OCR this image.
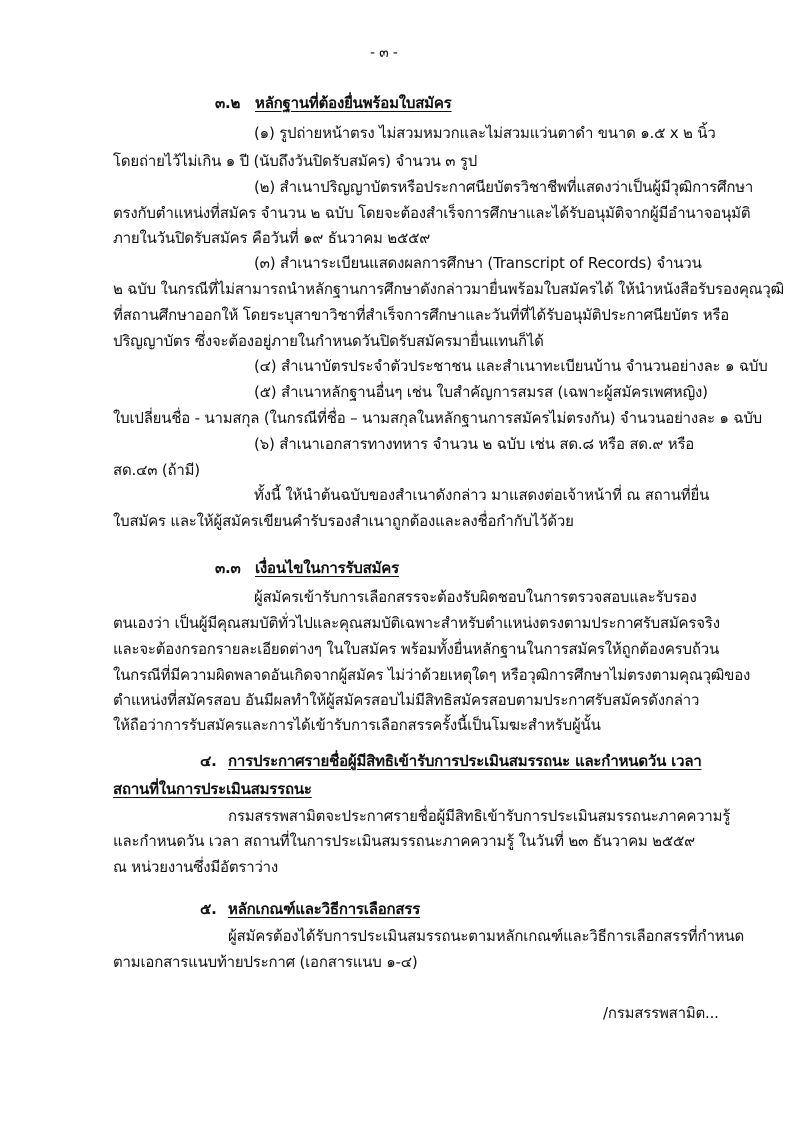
- ๓ -
๓.๒ หลักฐานที่ต้องยื่นพร้อมใบสมัคร
(๑) รูปถ่ายหน้าตรง ไม่สวมหมวกและไม่สวมแว่นตาดำ ขนาด ๑.๕ x ๒ นิ้ว
โดยถ่ายไว้ไม่เกิน ๑ ปี (นับถึงวันปิดรับสมัคร) จำนวน ๓ รูป
(๒) สำเนาปริญญาบัตรหรือประกาศนียบัตรวิชาชีพที่แสดงว่าเป็นผู้มีวุฒิการศึกษา
ตรงกับตำแหน่งที่สมัคร จำนวน ๒ ฉบับ โดยจะต้องสำเร็จการศึกษาและได้รับอนุมัติจากผู้มีอำนาจอนุมัติ
ภายในวันปิดรับสมัคร คือวันที่ ๑๙ ธันวาคม ๒๕๕๙
(๓) สำเนาระเบียนแสดงผลการศึกษา (Transcript of Records) จำนวน
๒ ฉบับ ในกรณีที่ไม่สามารถนำหลักฐานการศึกษาดังกล่าวมายื่นพร้อมใบสมัครได้ ให้นำหนังสือรับรองคุณวุฒิ
ที่สถานศึกษาออกให้ โดยระบุสาขาวิชาที่สำเร็จการศึกษาและวันที่ที่ได้รับอนุมัติประกาศนียบัตร หรือ
ปริญญาบัตร ซึ่งจะต้องอยู่ภายในกำหนดวันปิดรับสมัครมายื่นแทนก็ได้
(๔) สำเนาบัตรประจำตัวประชาชน และสำเนาทะเบียนบ้าน จำนวนอย่างละ ๑ ฉบับ
(๕) สำเนาหลักฐานอื่นๆ เช่น ใบสำคัญการสมรส (เฉพาะผู้สมัครเพศหญิง)
ใบเปลี่ยนชื่อ - นามสกุล (ในกรณีที่ชื่อ – นามสกุลในหลักฐานการสมัครไม่ตรงกัน) จำนวนอย่างละ ๑ ฉบับ
(๖) สำเนาเอกสารทางทหาร จำนวน ๒ ฉบับ เช่น สด.๘ หรือ สด.๙ หรือ
สด.๔๓ (ถ้ามี)
ทั้งนี้ ให้นำต้นฉบับของสำเนาดังกล่าว มาแสดงต่อเจ้าหน้าที่ ณ สถานที่ยื่น
ใบสมัคร และให้ผู้สมัครเขียนคำรับรองสำเนาถูกต้องและลงชื่อกำกับไว้ด้วย
๓.๓ เงื่อนไขในการรับสมัคร
ผู้สมัครเข้ารับการเลือกสรรจะต้องรับผิดชอบในการตรวจสอบและรับรอง
ตนเองว่า เป็นผู้มีคุณสมบัติทั่วไปและคุณสมบัติเฉพาะสำหรับตำแหน่งตรงตามประกาศรับสมัครจริง
และจะต้องกรอกรายละเอียดต่างๆ ในใบสมัคร พร้อมทั้งยื่นหลักฐานในการสมัครให้ถูกต้องครบถ้วน
ในกรณีที่มีความผิดพลาดอันเกิดจากผู้สมัคร ไม่ว่าด้วยเหตุใดๆ หรือวุฒิการศึกษาไม่ตรงตามคุณวุฒิของ
ตำแหน่งที่สมัครสอบ อันมีผลทำให้ผู้สมัครสอบไม่มีสิทธิสมัครสอบตามประกาศรับสมัครดังกล่าว
ให้ถือว่าการรับสมัครและการได้เข้ารับการเลือกสรรครั้งนี้เป็นโมฆะสำหรับผู้นั้น
๔. การประกาศรายชื่อผู้มีสิทธิเข้ารับการประเมินสมรรถนะ และกำหนดวัน เวลา
สถานที่ในการประเมินสมรรถนะ
กรมสรรพสามิตจะประกาศรายชื่อผู้มีสิทธิเข้ารับการประเมินสมรรถนะภาคความรู้
และกำหนดวัน เวลา สถานที่ในการประเมินสมรรถนะภาคความรู้ ในวันที่ ๒๓ ธันวาคม ๒๕๕๙
ณ หน่วยงานซึ่งมีอัตราว่าง
๕. หลักเกณฑ์และวิธีการเลือกสรร
ผู้สมัครต้องได้รับการประเมินสมรรถนะตามหลักเกณฑ์และวิธีการเลือกสรรที่กำหนด
ตามเอกสารแนบท้ายประกาศ (เอกสารแนบ ๑-๔)
/กรมสรรพสามิต...
